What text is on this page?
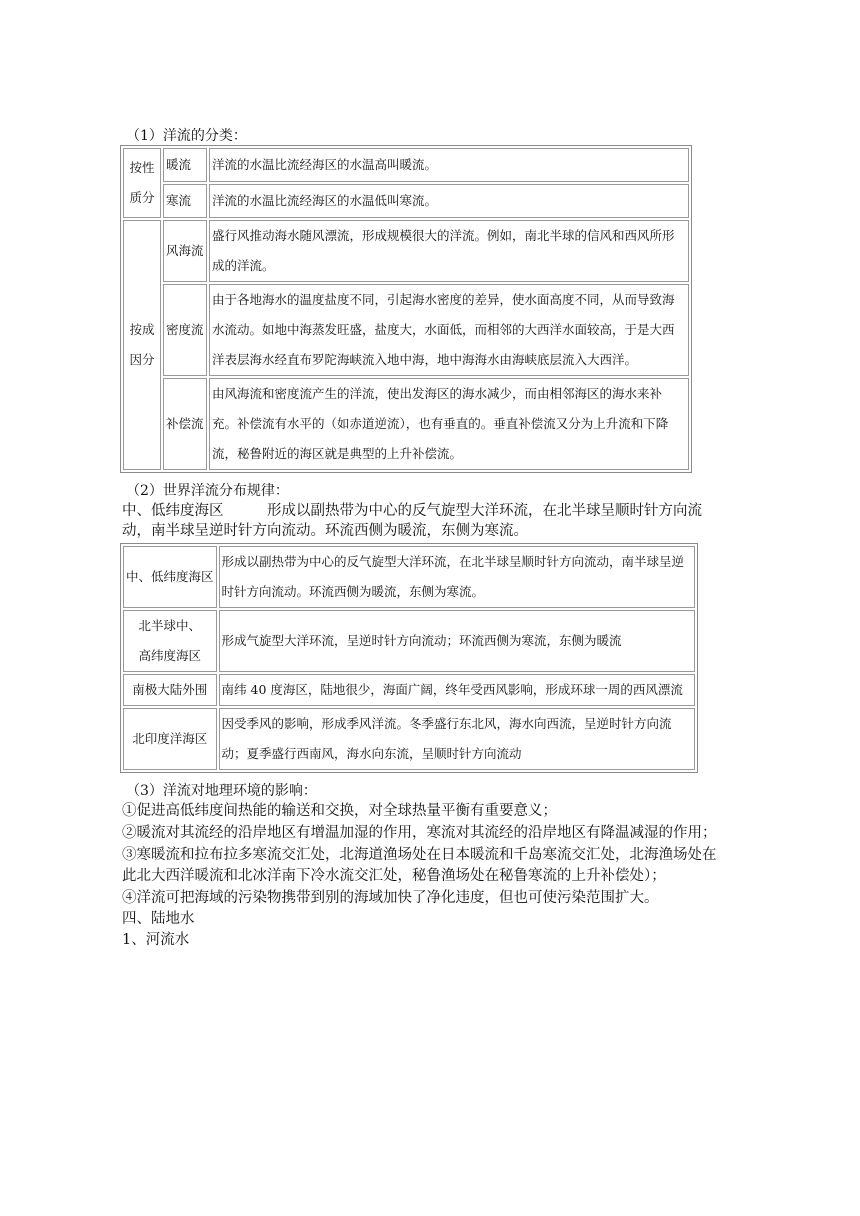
（1）洋流的分类：
按性
质分	暖流	洋流的水温比流经海区的水温高叫暖流。
	寒流	洋流的水温比流经海区的水温低叫寒流。

按成
因分	风海流	盛行风推动海水随风漂流，形成规模很大的洋流。例如，南北半球的信风和西风所形成的洋流。
	密度流	由于各地海水的温度盐度不同，引起海水密度的差异，使水面高度不同，从而导致海水流动。如地中海蒸发旺盛，盐度大，水面低，而相邻的大西洋水面较高，于是大西洋表层海水经直布罗陀海峡流入地中海，地中海海水由海峡底层流入大西洋。
	补偿流	由风海流和密度流产生的洋流，使出发海区的海水减少，而由相邻海区的海水来补充。补偿流有水平的（如赤道逆流），也有垂直的。垂直补偿流又分为上升流和下降流，秘鲁附近的海区就是典型的上升补偿流。
（2）世界洋流分布规律：
中、低纬度海区　　　形成以副热带为中心的反气旋型大洋环流，在北半球呈顺时针方向流
动，南半球呈逆时针方向流动。环流西侧为暖流，东侧为寒流。
中、低纬度海区	形成以副热带为中心的反气旋型大洋环流，在北半球呈顺时针方向流动，南半球呈逆时针方向流动。环流西侧为暖流，东侧为寒流。

北半球中、
高纬度海区	形成气旋型大洋环流，呈逆时针方向流动；环流西侧为寒流，东侧为暖流
南极大陆外围	南纬 40 度海区，陆地很少，海面广阔，终年受西风影响，形成环球一周的西风漂流
北印度洋海区	因受季风的影响，形成季风洋流。冬季盛行东北风，海水向西流，呈逆时针方向流动；夏季盛行西南风，海水向东流，呈顺时针方向流动
（3）洋流对地理环境的影响：
①促进高低纬度间热能的输送和交换，对全球热量平衡有重要意义；
②暖流对其流经的沿岸地区有增温加湿的作用，寒流对其流经的沿岸地区有降温减湿的作用；
③寒暖流和拉布拉多寒流交汇处，北海道渔场处在日本暖流和千岛寒流交汇处，北海渔场处在
此北大西洋暖流和北冰洋南下冷水流交汇处，秘鲁渔场处在秘鲁寒流的上升补偿处）；
④洋流可把海域的污染物携带到别的海域加快了净化违度，但也可使污染范围扩大。
四、陆地水
1、河流水
